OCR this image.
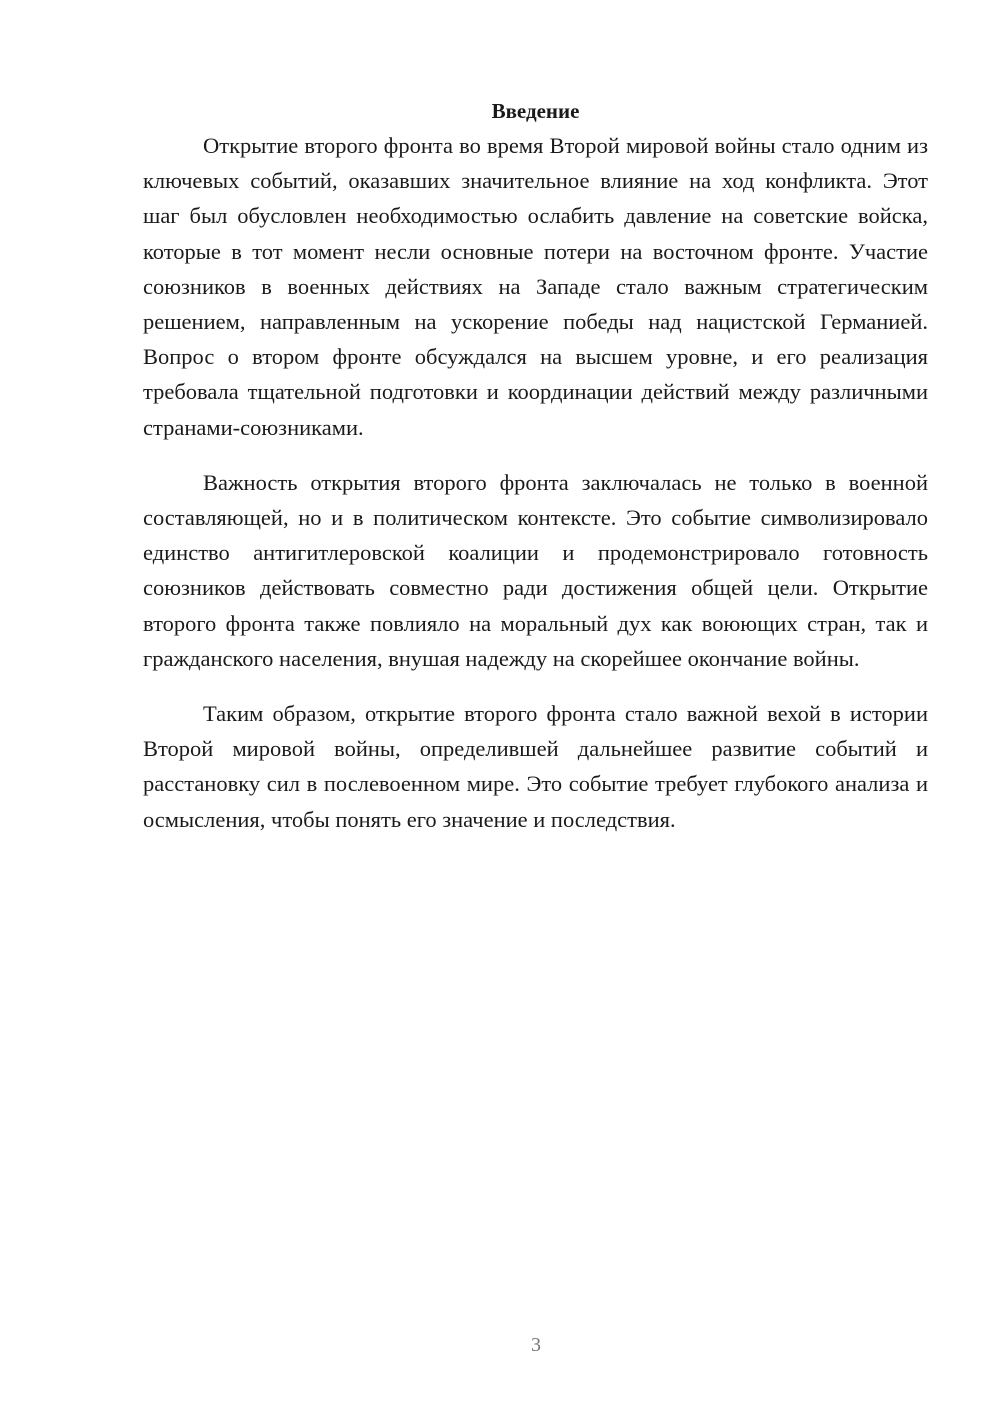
Введение

Открытие второго фронта во время Второй мировой войны стало одним из ключевых событий, оказавших значительное влияние на ход конфликта. Этот шаг был обусловлен необходимостью ослабить давление на советские войска, которые в тот момент несли основные потери на восточном фронте. Участие союзников в военных действиях на Западе стало важным стратегическим решением, направленным на ускорение победы над нацистской Германией. Вопрос о втором фронте обсуждался на высшем уровне, и его реализация требовала тщательной подготовки и координации действий между различными странами-союзниками.

Важность открытия второго фронта заключалась не только в военной составляющей, но и в политическом контексте. Это событие символизировало единство антигитлеровской коалиции и продемонстрировало готовность союзников действовать совместно ради достижения общей цели. Открытие второго фронта также повлияло на моральный дух как воюющих стран, так и гражданского населения, внушая надежду на скорейшее окончание войны.

Таким образом, открытие второго фронта стало важной вехой в истории Второй мировой войны, определившей дальнейшее развитие событий и расстановку сил в послевоенном мире. Это событие требует глубокого анализа и осмысления, чтобы понять его значение и последствия.

3
